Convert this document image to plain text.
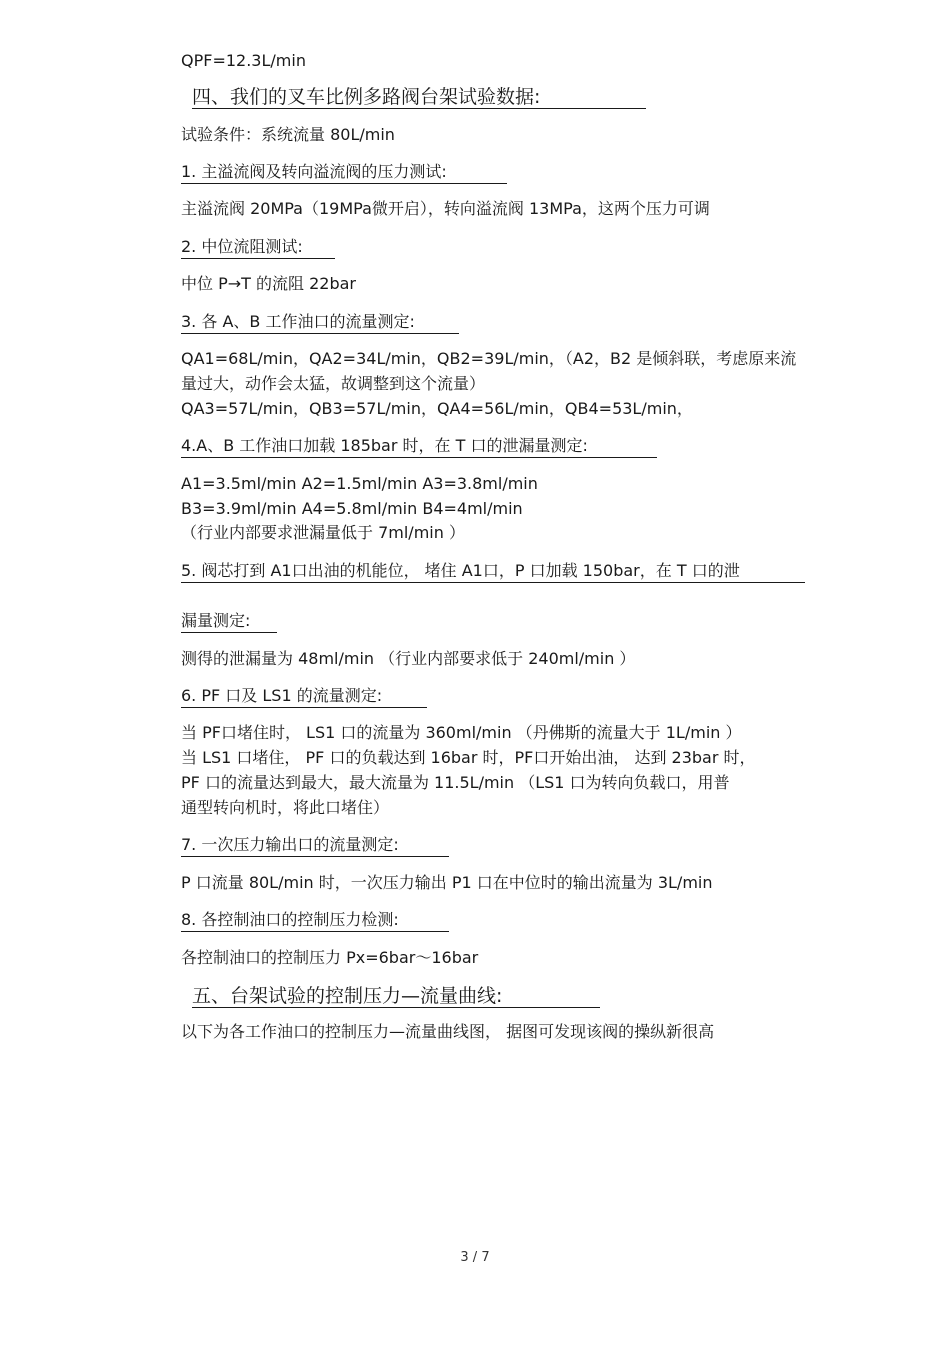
QPF=12.3L/min
四、我们的叉车比例多路阀台架试验数据:
试验条件：系统流量 80L/min
1. 主溢流阀及转向溢流阀的压力测试:
主溢流阀 20MPa（19MPa微开启），转向溢流阀 13MPa，这两个压力可调
2. 中位流阻测试:
中位 P→T 的流阻 22bar
3. 各 A、B 工作油口的流量测定:
QA1=68L/min，QA2=34L/min，QB2=39L/min，（A2，B2 是倾斜联，考虑原来流
量过大，动作会太猛，故调整到这个流量）
QA3=57L/min，QB3=57L/min，QA4=56L/min，QB4=53L/min，
4.A、B 工作油口加载 185bar 时，在 T 口的泄漏量测定:
A1=3.5ml/min A2=1.5ml/min A3=3.8ml/min
B3=3.9ml/min A4=5.8ml/min B4=4ml/min
（行业内部要求泄漏量低于 7ml/min ）
5. 阀芯打到 A1口出油的机能位， 堵住 A1口，P 口加载 150bar，在 T 口的泄
漏量测定:
测得的泄漏量为 48ml/min （行业内部要求低于 240ml/min ）
6. PF 口及 LS1 的流量测定:
当 PF口堵住时， LS1 口的流量为 360ml/min （丹佛斯的流量大于 1L/min ）
当 LS1 口堵住， PF 口的负载达到 16bar 时，PF口开始出油， 达到 23bar 时，
PF 口的流量达到最大，最大流量为 11.5L/min （LS1 口为转向负载口，用普
通型转向机时，将此口堵住）
7. 一次压力输出口的流量测定:
P 口流量 80L/min 时，一次压力输出 P1 口在中位时的输出流量为 3L/min
8. 各控制油口的控制压力检测:
各控制油口的控制压力 Px=6bar～16bar
五、台架试验的控制压力—流量曲线:
以下为各工作油口的控制压力—流量曲线图， 据图可发现该阀的操纵新很高
3 / 7
